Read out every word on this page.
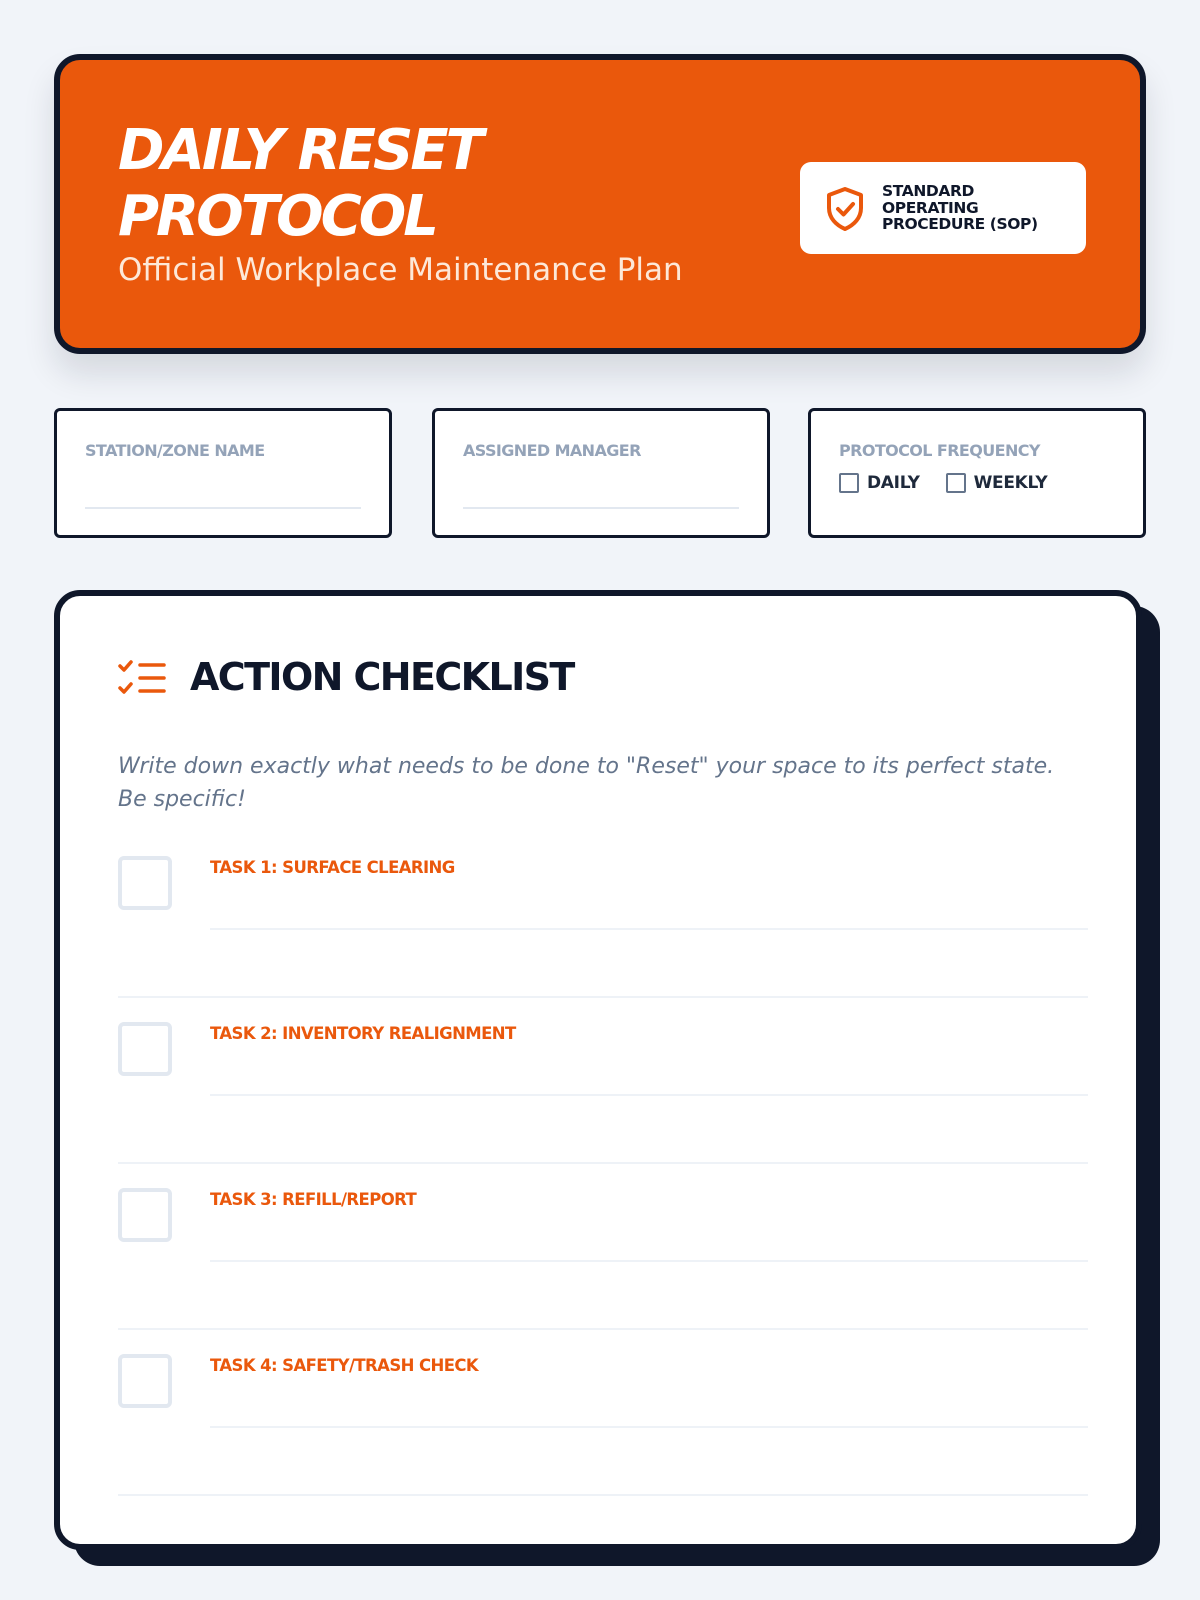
DAILY RESET
PROTOCOL
Official Workplace Maintenance Plan
STANDARD
OPERATING
PROCEDURE (SOP)
STATION/ZONE NAME	ASSIGNED MANAGER	PROTOCOL FREQUENCY
DAILY	WEEKLY
ACTION CHECKLIST

Write down exactly what needs to be done to "Reset" your space to its perfect state. Be specific!

TASK 1: SURFACE CLEARING
TASK 2: INVENTORY REALIGNMENT
TASK 3: REFILL/REPORT
TASK 4: SAFETY/TRASH CHECK
